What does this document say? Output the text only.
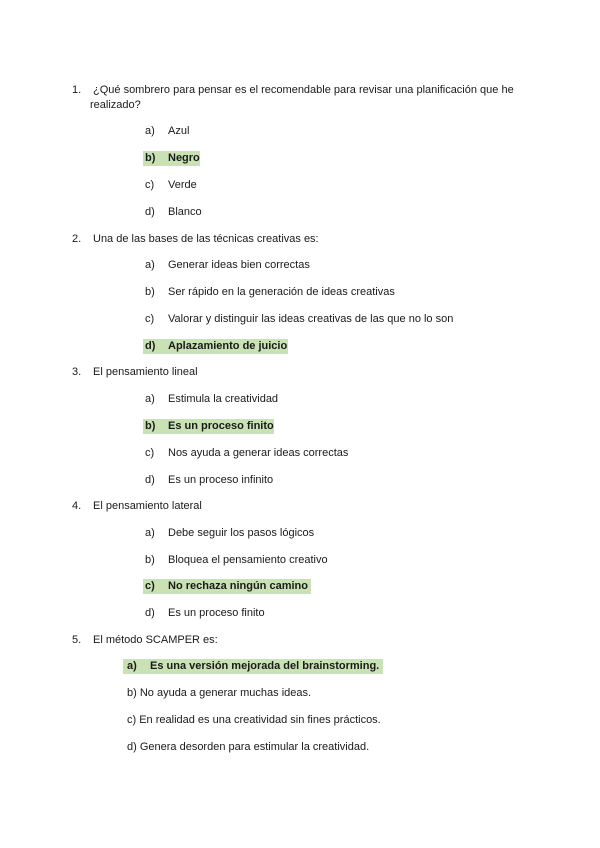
1. ¿Qué sombrero para pensar es el recomendable para revisar una planificación que he
realizado?
a) Azul
b) Negro
c) Verde
d) Blanco
2. Una de las bases de las técnicas creativas es:
a) Generar ideas bien correctas
b) Ser rápido en la generación de ideas creativas
c) Valorar y distinguir las ideas creativas de las que no lo son
d) Aplazamiento de juicio
3. El pensamiento lineal
a) Estimula la creatividad
b) Es un proceso finito
c) Nos ayuda a generar ideas correctas
d) Es un proceso infinito
4. El pensamiento lateral
a) Debe seguir los pasos lógicos
b) Bloquea el pensamiento creativo
c) No rechaza ningún camino
d) Es un proceso finito
5. El método SCAMPER es:
a) Es una versión mejorada del brainstorming.
b) No ayuda a generar muchas ideas.
c) En realidad es una creatividad sin fines prácticos.
d) Genera desorden para estimular la creatividad.
